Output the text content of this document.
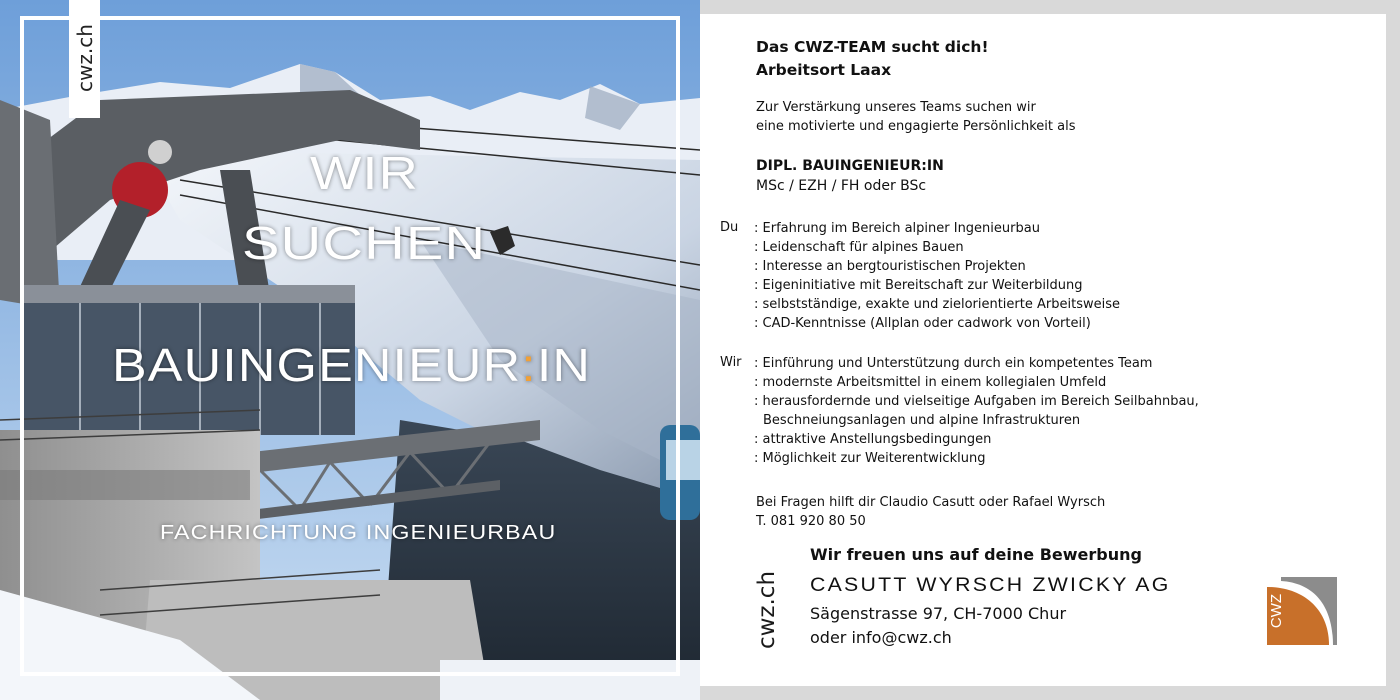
cwz.ch
WIR
SUCHEN
BAUINGENIEUR:IN
FACHRICHTUNG INGENIEURBAU
Das CWZ-TEAM sucht dich!
Arbeitsort Laax
Zur Verstärkung unseres Teams suchen wir
eine motivierte und engagierte Persönlichkeit als
DIPL. BAUINGENIEUR:IN
MSc / EZH / FH oder BSc
Du : Erfahrung im Bereich alpiner Ingenieurbau
: Leidenschaft für alpines Bauen
: Interesse an bergtouristischen Projekten
: Eigeninitiative mit Bereitschaft zur Weiterbildung
: selbstständige, exakte und zielorientierte Arbeitsweise
: CAD-Kenntnisse (Allplan oder cadwork von Vorteil)
Wir : Einführung und Unterstützung durch ein kompetentes Team
: modernste Arbeitsmittel in einem kollegialen Umfeld
: herausfordernde und vielseitige Aufgaben im Bereich Seilbahnbau,
Beschneiungsanlagen und alpine Infrastrukturen
: attraktive Anstellungsbedingungen
: Möglichkeit zur Weiterentwicklung
Bei Fragen hilft dir Claudio Casutt oder Rafael Wyrsch
T. 081 920 80 50
cwz.ch
Wir freuen uns auf deine Bewerbung
CASUTT WYRSCH ZWICKY AG
Sägenstrasse 97, CH-7000 Chur
oder info@cwz.ch
CWZ
